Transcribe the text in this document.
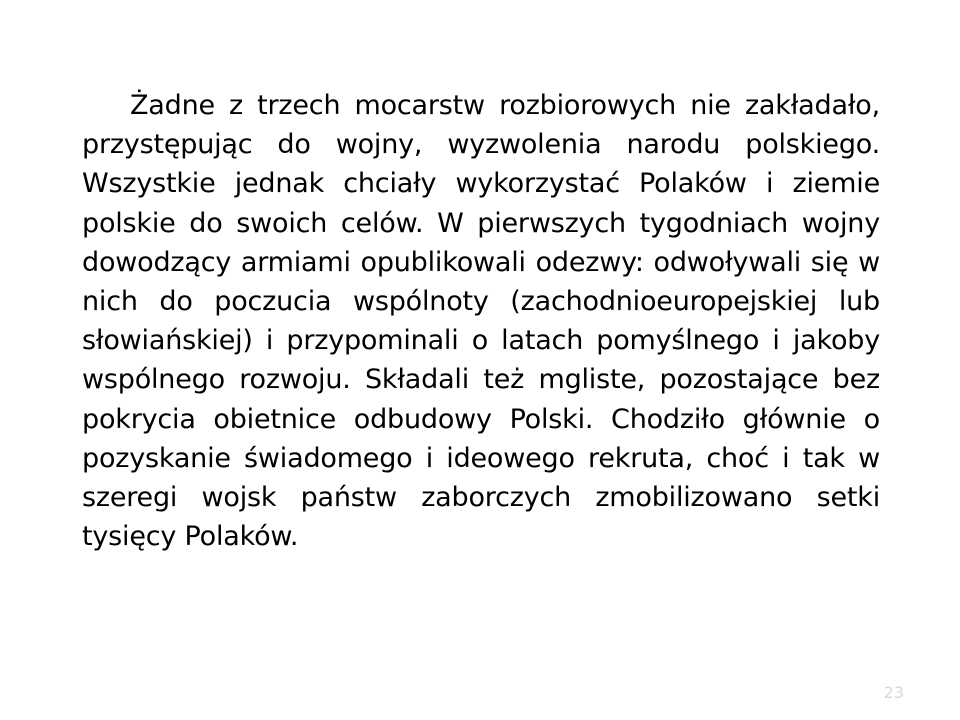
Żadne z trzech mocarstw rozbiorowych nie zakładało, przystępując do wojny, wyzwolenia narodu polskiego. Wszystkie jednak chciały wykorzystać Polaków i ziemie polskie do swoich celów. W pierwszych tygodniach wojny dowodzący armiami opublikowali odezwy: odwoływali się w nich do poczucia wspólnoty (zachodnioeuropejskiej lub słowiańskiej) i przypominali o latach pomyślnego i jakoby wspólnego rozwoju. Składali też mgliste, pozostające bez pokrycia obietnice odbudowy Polski. Chodziło głównie o pozyskanie świadomego i ideowego rekruta, choć i tak w szeregi wojsk państw zaborczych zmobilizowano setki tysięcy Polaków.

23
